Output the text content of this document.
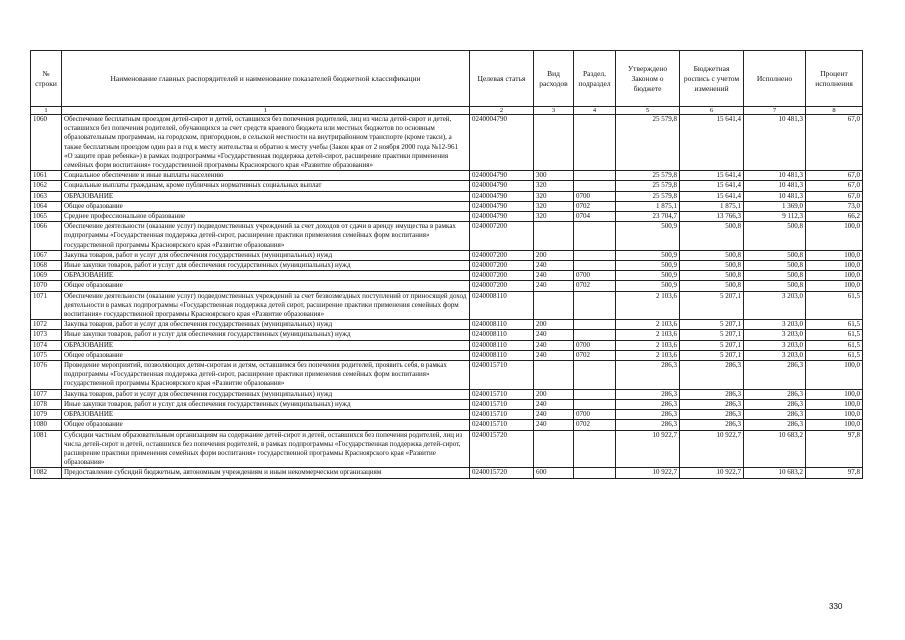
№ строки	Наименование главных распорядителей и наименование показателей бюджетной классификации	Целевая статья	Вид расходов	Раздел, подраздел	Утверждено Законом о бюджете	Бюджетная роспись с учетом изменений	Исполнено	Процент исполнения
1	1	2	3	4	5	6	7	8
1060	Обеспечение бесплатным проездом детей-сирот и детей, оставшихся без попечения родителей, лиц из числа детей-сирот и детей, оставшихся без попечения родителей, обучающихся за счет средств краевого бюджета или местных бюджетов по основным образовательным программам, на городском, пригородном, в сельской местности на внутрирайонном транспорте (кроме такси), а также бесплатным проездом один раз в год к месту жительства и обратно к месту учебы (Закон края от 2 ноября 2000 года №12-961 «О защите прав ребенка») в рамках подпрограммы «Государственная поддержка детей-сирот, расширение практики применения семейных форм воспитания» государственной программы Красноярского края «Развитие образования»	0240004790			25 579,8	15 641,4	10 481,3	67,0
1061	Социальное обеспечение и иные выплаты населению	0240004790	300		25 579,8	15 641,4	10 481,3	67,0
1062	Социальные выплаты гражданам, кроме публичных нормативных социальных выплат	0240004790	320		25 579,8	15 641,4	10 481,3	67,0
1063	ОБРАЗОВАНИЕ	0240004790	320	0700	25 579,8	15 641,4	10 481,3	67,0
1064	Общее образование	0240004790	320	0702	1 875,1	1 875,1	1 369,0	73,0
1065	Среднее профессиональное образование	0240004790	320	0704	23 704,7	13 766,3	9 112,3	66,2
1066	Обеспечение деятельности (оказание услуг) подведомственных учреждений за счет доходов от сдачи в аренду имущества в рамках подпрограммы «Государственная поддержка детей-сирот, расширение практики применения семейных форм воспитания» государственной программы Красноярского края «Развитие образования»	0240007200			500,9	500,8	500,8	100,0
1067	Закупка товаров, работ и услуг для обеспечения государственных (муниципальных) нужд	0240007200	200		500,9	500,8	500,8	100,0
1068	Иные закупки товаров, работ и услуг для обеспечения государственных (муниципальных) нужд	0240007200	240		500,9	500,8	500,8	100,0
1069	ОБРАЗОВАНИЕ	0240007200	240	0700	500,9	500,8	500,8	100,0
1070	Общее образование	0240007200	240	0702	500,9	500,8	500,8	100,0
1071	Обеспечение деятельности (оказание услуг) подведомственных учреждений за счет безвозмездных поступлений от приносящей доход деятельности в рамках подпрограммы «Государственная поддержка детей сирот, расширение практики применения семейных форм воспитания» государственной программы Красноярского края «Развитие образования»	0240008110			2 103,6	5 207,1	3 203,0	61,5
1072	Закупка товаров, работ и услуг для обеспечения государственных (муниципальных) нужд	0240008110	200		2 103,6	5 207,1	3 203,0	61,5
1073	Иные закупки товаров, работ и услуг для обеспечения государственных (муниципальных) нужд	0240008110	240		2 103,6	5 207,1	3 203,0	61,5
1074	ОБРАЗОВАНИЕ	0240008110	240	0700	2 103,6	5 207,1	3 203,0	61,5
1075	Общее образование	0240008110	240	0702	2 103,6	5 207,1	3 203,0	61,5
1076	Проведение мероприятий, позволяющих детям-сиротам и детям, оставшимся без попечения родителей, проявить себя, в рамках подпрограммы «Государственная поддержка детей-сирот, расширение практики применения семейных форм воспитания» государственной программы Красноярского края «Развитие образования»	0240015710			286,3	286,3	286,3	100,0
1077	Закупка товаров, работ и услуг для обеспечения государственных (муниципальных) нужд	0240015710	200		286,3	286,3	286,3	100,0
1078	Иные закупки товаров, работ и услуг для обеспечения государственных (муниципальных) нужд	0240015710	240		286,3	286,3	286,3	100,0
1079	ОБРАЗОВАНИЕ	0240015710	240	0700	286,3	286,3	286,3	100,0
1080	Общее образование	0240015710	240	0702	286,3	286,3	286,3	100,0
1081	Субсидии частным образовательным организациям на содержание детей-сирот и детей, оставшихся без попечения родителей, лиц из числа детей-сирот и детей, оставшихся без попечения родителей, в рамках подпрограммы «Государственная поддержка детей-сирот, расширение практики применения семейных форм воспитания» государственной программы Красноярского края «Развитие образования»	0240015720			10 922,7	10 922,7	10 683,2	97,8
1082	Предоставление субсидий бюджетным, автономным учреждениям и иным некоммерческим организациям	0240015720	600		10 922,7	10 922,7	10 683,2	97,8
330
